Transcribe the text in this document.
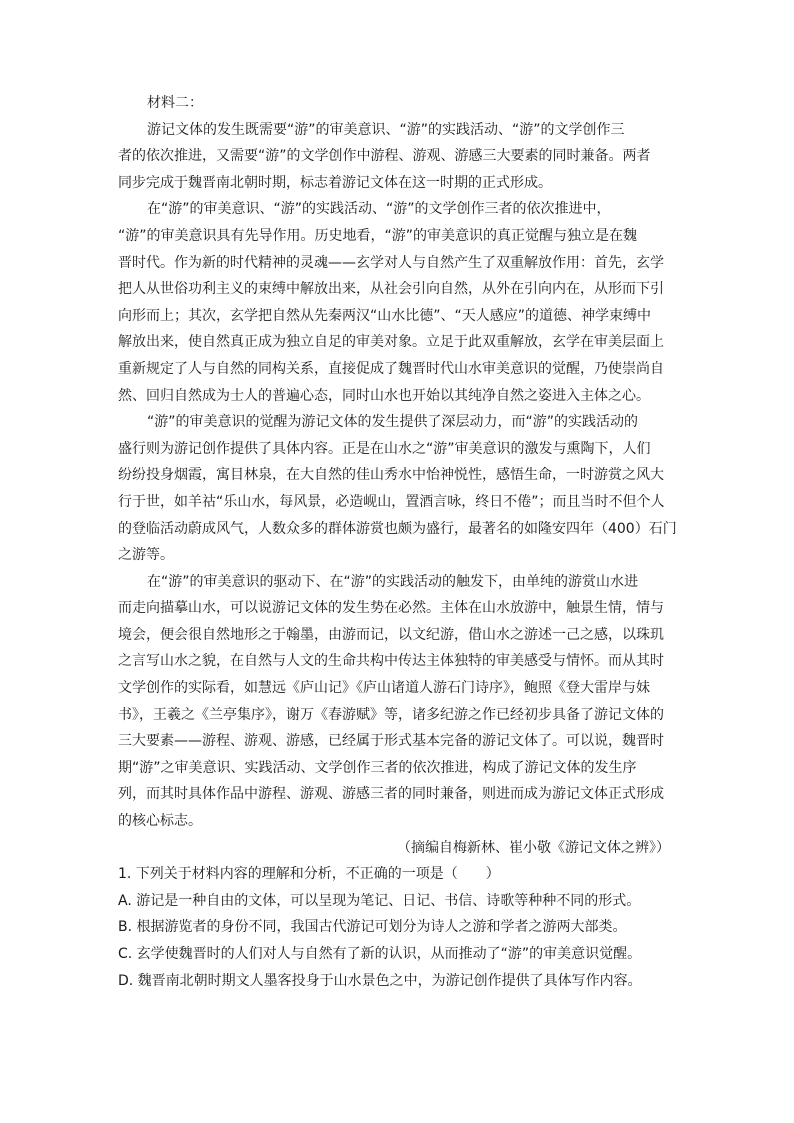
材料二：
游记文体的发生既需要“游”的审美意识、“游”的实践活动、“游”的文学创作三
者的依次推进，又需要“游”的文学创作中游程、游观、游感三大要素的同时兼备。两者
同步完成于魏晋南北朝时期，标志着游记文体在这一时期的正式形成。
在“游”的审美意识、“游”的实践活动、“游”的文学创作三者的依次推进中，
“游”的审美意识具有先导作用。历史地看，“游”的审美意识的真正觉醒与独立是在魏
晋时代。作为新的时代精神的灵魂——玄学对人与自然产生了双重解放作用：首先，玄学
把人从世俗功利主义的束缚中解放出来，从社会引向自然，从外在引向内在，从形而下引
向形而上；其次，玄学把自然从先秦两汉“山水比德”、“天人感应”的道德、神学束缚中
解放出来，使自然真正成为独立自足的审美对象。立足于此双重解放，玄学在审美层面上
重新规定了人与自然的同构关系，直接促成了魏晋时代山水审美意识的觉醒，乃使崇尚自
然、回归自然成为士人的普遍心态，同时山水也开始以其纯净自然之姿进入主体之心。
“游”的审美意识的觉醒为游记文体的发生提供了深层动力，而“游”的实践活动的
盛行则为游记创作提供了具体内容。正是在山水之“游”审美意识的激发与熏陶下，人们
纷纷投身烟霞，寓目林泉，在大自然的佳山秀水中怡神悦性，感悟生命，一时游赏之风大
行于世，如羊祜“乐山水，每风景，必造岘山，置酒言咏，终日不倦”；而且当时不但个人
的登临活动蔚成风气，人数众多的群体游赏也颇为盛行，最著名的如隆安四年（400）石门
之游等。
在“游”的审美意识的驱动下、在“游”的实践活动的触发下，由单纯的游赏山水进
而走向描摹山水，可以说游记文体的发生势在必然。主体在山水放游中，触景生情，情与
境会，便会很自然地形之于翰墨，由游而记，以文纪游，借山水之游述一己之感，以珠玑
之言写山水之貌，在自然与人文的生命共构中传达主体独特的审美感受与情怀。而从其时
文学创作的实际看，如慧远《庐山记》《庐山诸道人游石门诗序》，鲍照《登大雷岸与妹
书》，王羲之《兰亭集序》，谢万《春游赋》等，诸多纪游之作已经初步具备了游记文体的
三大要素——游程、游观、游感，已经属于形式基本完备的游记文体了。可以说，魏晋时
期“游”之审美意识、实践活动、文学创作三者的依次推进，构成了游记文体的发生序
列，而其时具体作品中游程、游观、游感三者的同时兼备，则进而成为游记文体正式形成
的核心标志。
（摘编自梅新林、崔小敬《游记文体之辨》）
1. 下列关于材料内容的理解和分析，不正确的一项是（　　）
A. 游记是一种自由的文体，可以呈现为笔记、日记、书信、诗歌等种种不同的形式。
B. 根据游览者的身份不同，我国古代游记可划分为诗人之游和学者之游两大部类。
C. 玄学使魏晋时的人们对人与自然有了新的认识，从而推动了“游”的审美意识觉醒。
D. 魏晋南北朝时期文人墨客投身于山水景色之中，为游记创作提供了具体写作内容。
